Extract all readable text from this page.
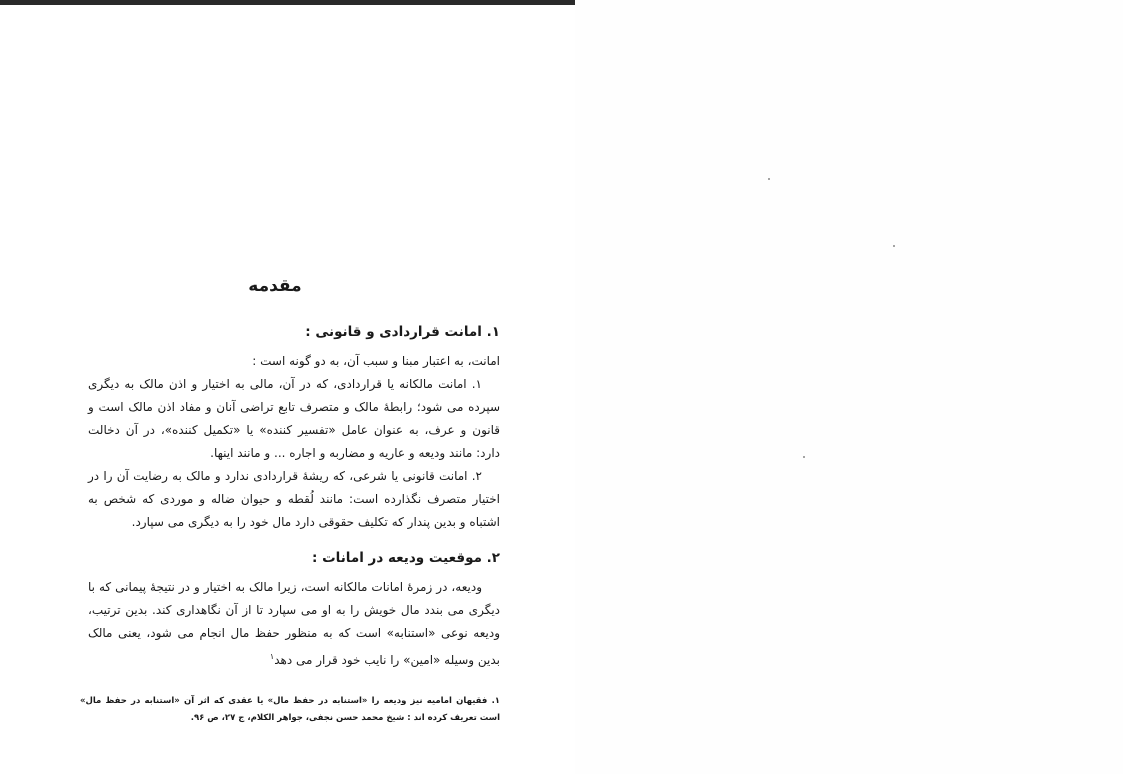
مقدمه
۱. امانت قراردادی و قانونی :

امانت، به اعتبار مبنا و سبب آن، به دو گونه است :

۱. امانت مالکانه یا قراردادی، که در آن، مالی به اختیار و اذن مالک به دیگری سپرده می شود؛ رابطهٔ مالک و متصرف تابع تراضی آنان و مفاد اذن مالک است و قانون و عرف، به عنوان عامل «تفسیر کننده» یا «تکمیل کننده»، در آن دخالت دارد: مانند ودیعه و عاریه و مضاربه و اجاره ... و مانند اینها.

۲. امانت قانونی یا شرعی، که ریشهٔ قراردادی ندارد و مالک به رضایت آن را در اختیار متصرف نگذارده است: مانند لُقطه و حیوان ضاله و موردی که شخص به اشتباه و بدین پندار که تکلیف حقوقی دارد مال خود را به دیگری می سپارد.

۲. موقعیت ودیعه در امانات :

ودیعه، در زمرهٔ امانات مالکانه است، زیرا مالک به اختیار و در نتیجهٔ پیمانی که با دیگری می بندد مال خویش را به او می سپارد تا از آن نگاهداری کند. بدین ترتیب، ودیعه نوعی «استنابه» است که به منظور حفظ مال انجام می شود، یعنی مالک بدین وسیله «امین» را نایب خود قرار می دهد$^۱$

۱. فقیهان امامیه نیز ودیعه را «استنابه در حفظ مال» یا عقدی که اثر آن «استنابه در حفظ مال» است تعریف کرده اند : شیخ محمد حسن نجفی، جواهر الکلام، ج ۲۷، ص ۹۶.
